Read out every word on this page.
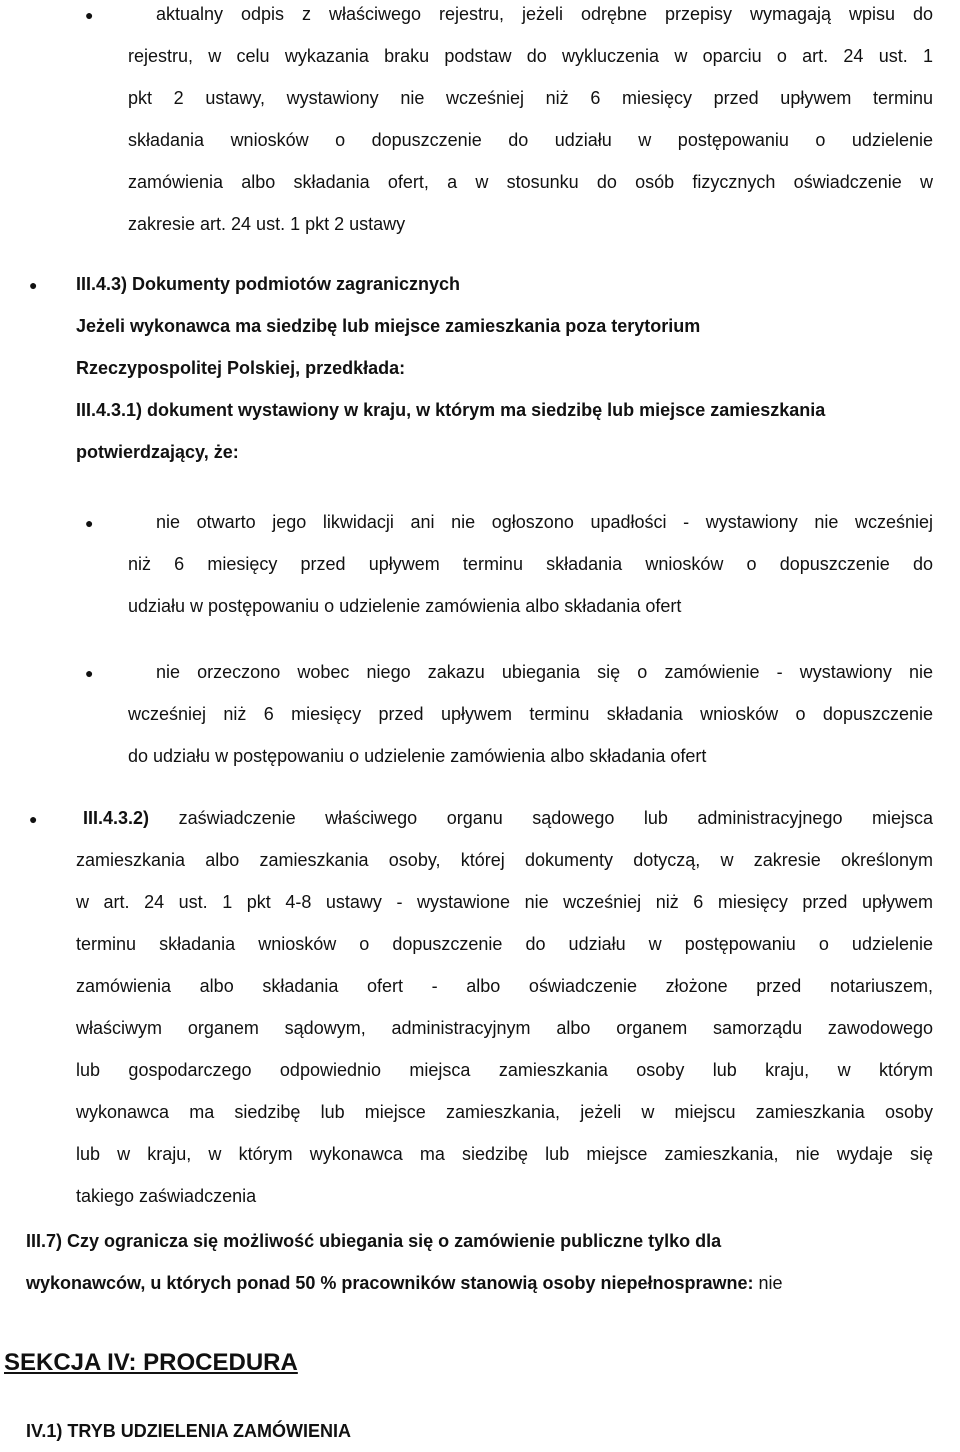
●	aktualny odpis z właściwego rejestru, jeżeli odrębne przepisy wymagają wpisu do
rejestru, w celu wykazania braku podstaw do wykluczenia w oparciu o art. 24 ust. 1
pkt 2 ustawy, wystawiony nie wcześniej niż 6 miesięcy przed upływem terminu
składania wniosków o dopuszczenie do udziału w postępowaniu o udzielenie
zamówienia albo składania ofert, a w stosunku do osób fizycznych oświadczenie w
zakresie art. 24 ust. 1 pkt 2 ustawy
● III.4.3) Dokumenty podmiotów zagranicznych
Jeżeli wykonawca ma siedzibę lub miejsce zamieszkania poza terytorium
Rzeczypospolitej Polskiej, przedkłada:
III.4.3.1) dokument wystawiony w kraju, w którym ma siedzibę lub miejsce zamieszkania
potwierdzający, że:
●	nie otwarto jego likwidacji ani nie ogłoszono upadłości - wystawiony nie wcześniej
niż 6 miesięcy przed upływem terminu składania wniosków o dopuszczenie do
udziału w postępowaniu o udzieleniе zamówienia albo składania ofert
●	nie orzeczono wobec niego zakazu ubiegania się o zamówienie - wystawiony nie
wcześniej niż 6 miesięcy przed upływem terminu składania wniosków o dopuszczenie
do udziału w postępowaniu o udzielenie zamówienia albo składania ofert
●	III.4.3.2) zaświadczenie właściwego organu sądowego lub administracyjnego miejsca
zamieszkania albo zamieszkania osoby, której dokumenty dotyczą, w zakresie określonym
w art. 24 ust. 1 pkt 4-8 ustawy - wystawione nie wcześniej niż 6 miesięcy przed upływem
terminu składania wniosków o dopuszczenie do udziału w postępowaniu o udzielenie
zamówienia albo składania ofert - albo oświadczenie złożone przed notariuszem,
właściwym organem sądowym, administracyjnym albo organem samorządu zawodowego
lub gospodarczego odpowiednio miejsca zamieszkania osoby lub kraju, w którym
wykonawca ma siedzibę lub miejsce zamieszkania, jeżeli w miejscu zamieszkania osoby
lub w kraju, w którym wykonawca ma siedzibę lub miejsce zamieszkania, nie wydaje się
takiego zaświadczenia
III.7) Czy ogranicza się możliwość ubiegania się o zamówienie publiczne tylko dla
wykonawców, u których ponad 50 % pracowników stanowią osoby niepełnosprawne: nie
SEKCJA IV: PROCEDURA
IV.1) TRYB UDZIELENIA ZAMÓWIENIA
